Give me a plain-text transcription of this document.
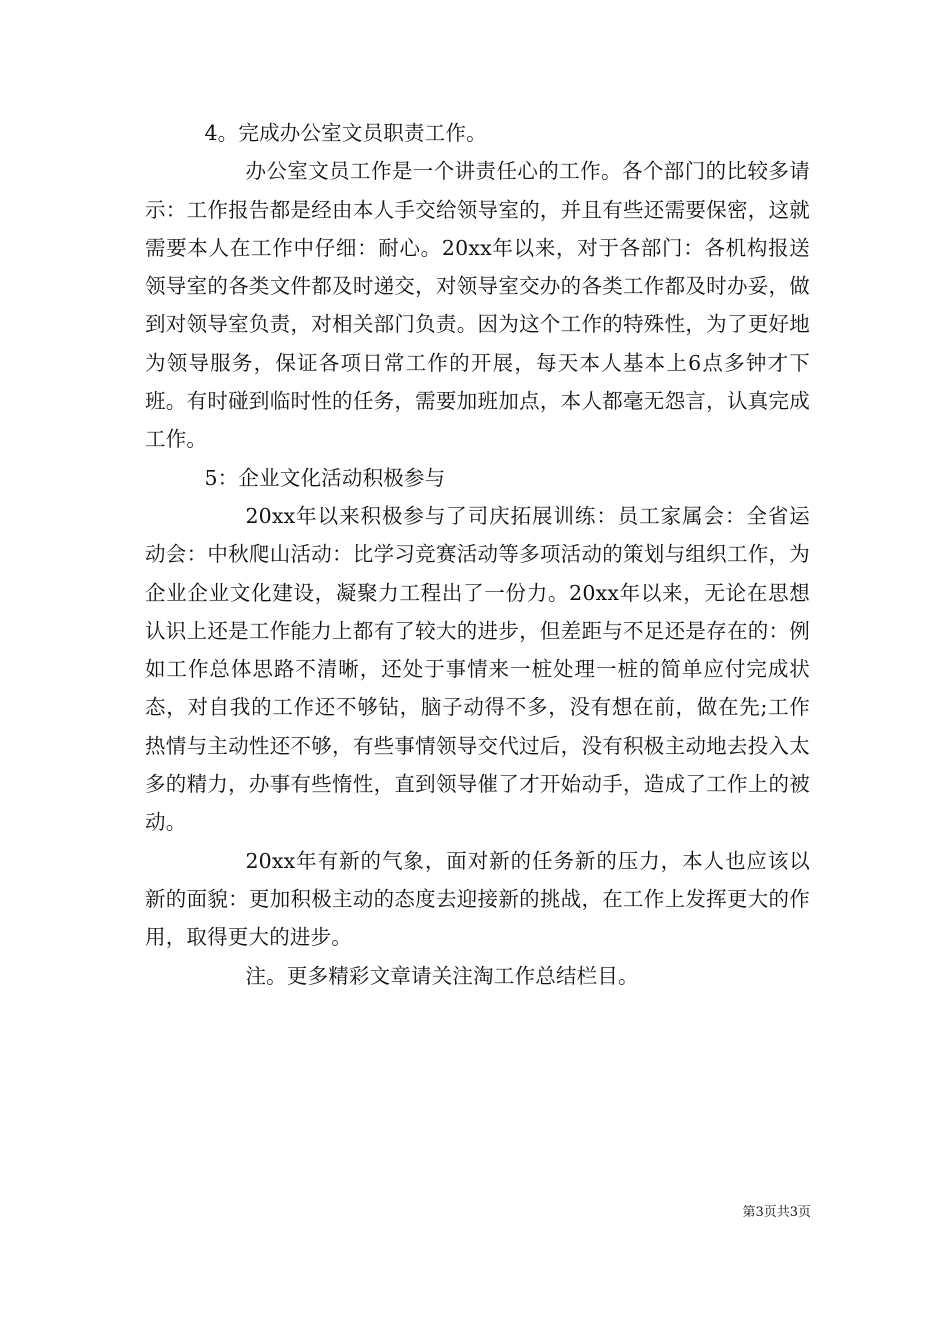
4。完成办公室文员职责工作。

办公室文员工作是一个讲责任心的工作。各个部门的比较多请示：工作报告都是经由本人手交给领导室的，并且有些还需要保密，这就需要本人在工作中仔细：耐心。20xx年以来，对于各部门：各机构报送领导室的各类文件都及时递交，对领导室交办的各类工作都及时办妥，做到对领导室负责，对相关部门负责。因为这个工作的特殊性，为了更好地为领导服务，保证各项日常工作的开展，每天本人基本上6点多钟才下班。有时碰到临时性的任务，需要加班加点，本人都毫无怨言，认真完成工作。

5：企业文化活动积极参与

20xx年以来积极参与了司庆拓展训练：员工家属会：全省运动会：中秋爬山活动：比学习竞赛活动等多项活动的策划与组织工作，为企业企业文化建设，凝聚力工程出了一份力。20xx年以来，无论在思想认识上还是工作能力上都有了较大的进步，但差距与不足还是存在的：例如工作总体思路不清晰，还处于事情来一桩处理一桩的简单应付完成状态，对自我的工作还不够钻，脑子动得不多，没有想在前，做在先;工作热情与主动性还不够，有些事情领导交代过后，没有积极主动地去投入太多的精力，办事有些惰性，直到领导催了才开始动手，造成了工作上的被动。

20xx年有新的气象，面对新的任务新的压力，本人也应该以新的面貌：更加积极主动的态度去迎接新的挑战，在工作上发挥更大的作用，取得更大的进步。

注。更多精彩文章请关注淘工作总结栏目。

第3页共3页
